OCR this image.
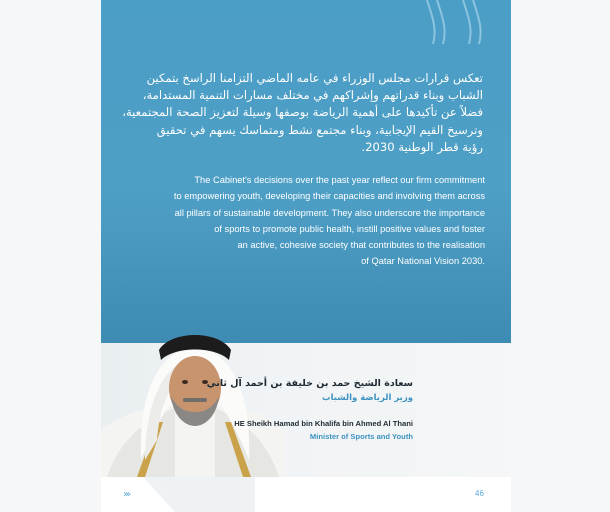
تعكس قرارات مجلس الوزراء في عامه الماضي التزامنا الراسخ بتمكين
الشباب وبناء قدراتهم وإشراكهم في مختلف مسارات التنمية المستدامة،
فضلاً عن تأكيدها على أهمية الرياضة بوصفها وسيلة لتعزيز الصحة المجتمعية،
وترسيخ القيم الإيجابية، وبناء مجتمع نشط ومتماسك يسهم في تحقيق
رؤية قطر الوطنية 2030.
The Cabinet's decisions over the past year reflect our firm commitment
to empowering youth, developing their capacities and involving them across
all pillars of sustainable development. They also underscore the importance
of sports to promote public health, instill positive values and foster
an active, cohesive society that contributes to the realisation
of Qatar National Vision 2030.
سعادة الشيخ حمد بن خليفة بن أحمد آل ثاني
وزير الرياضة والشباب
HE Sheikh Hamad bin Khalifa bin Ahmed Al Thani
Minister of Sports and Youth
›››	46
